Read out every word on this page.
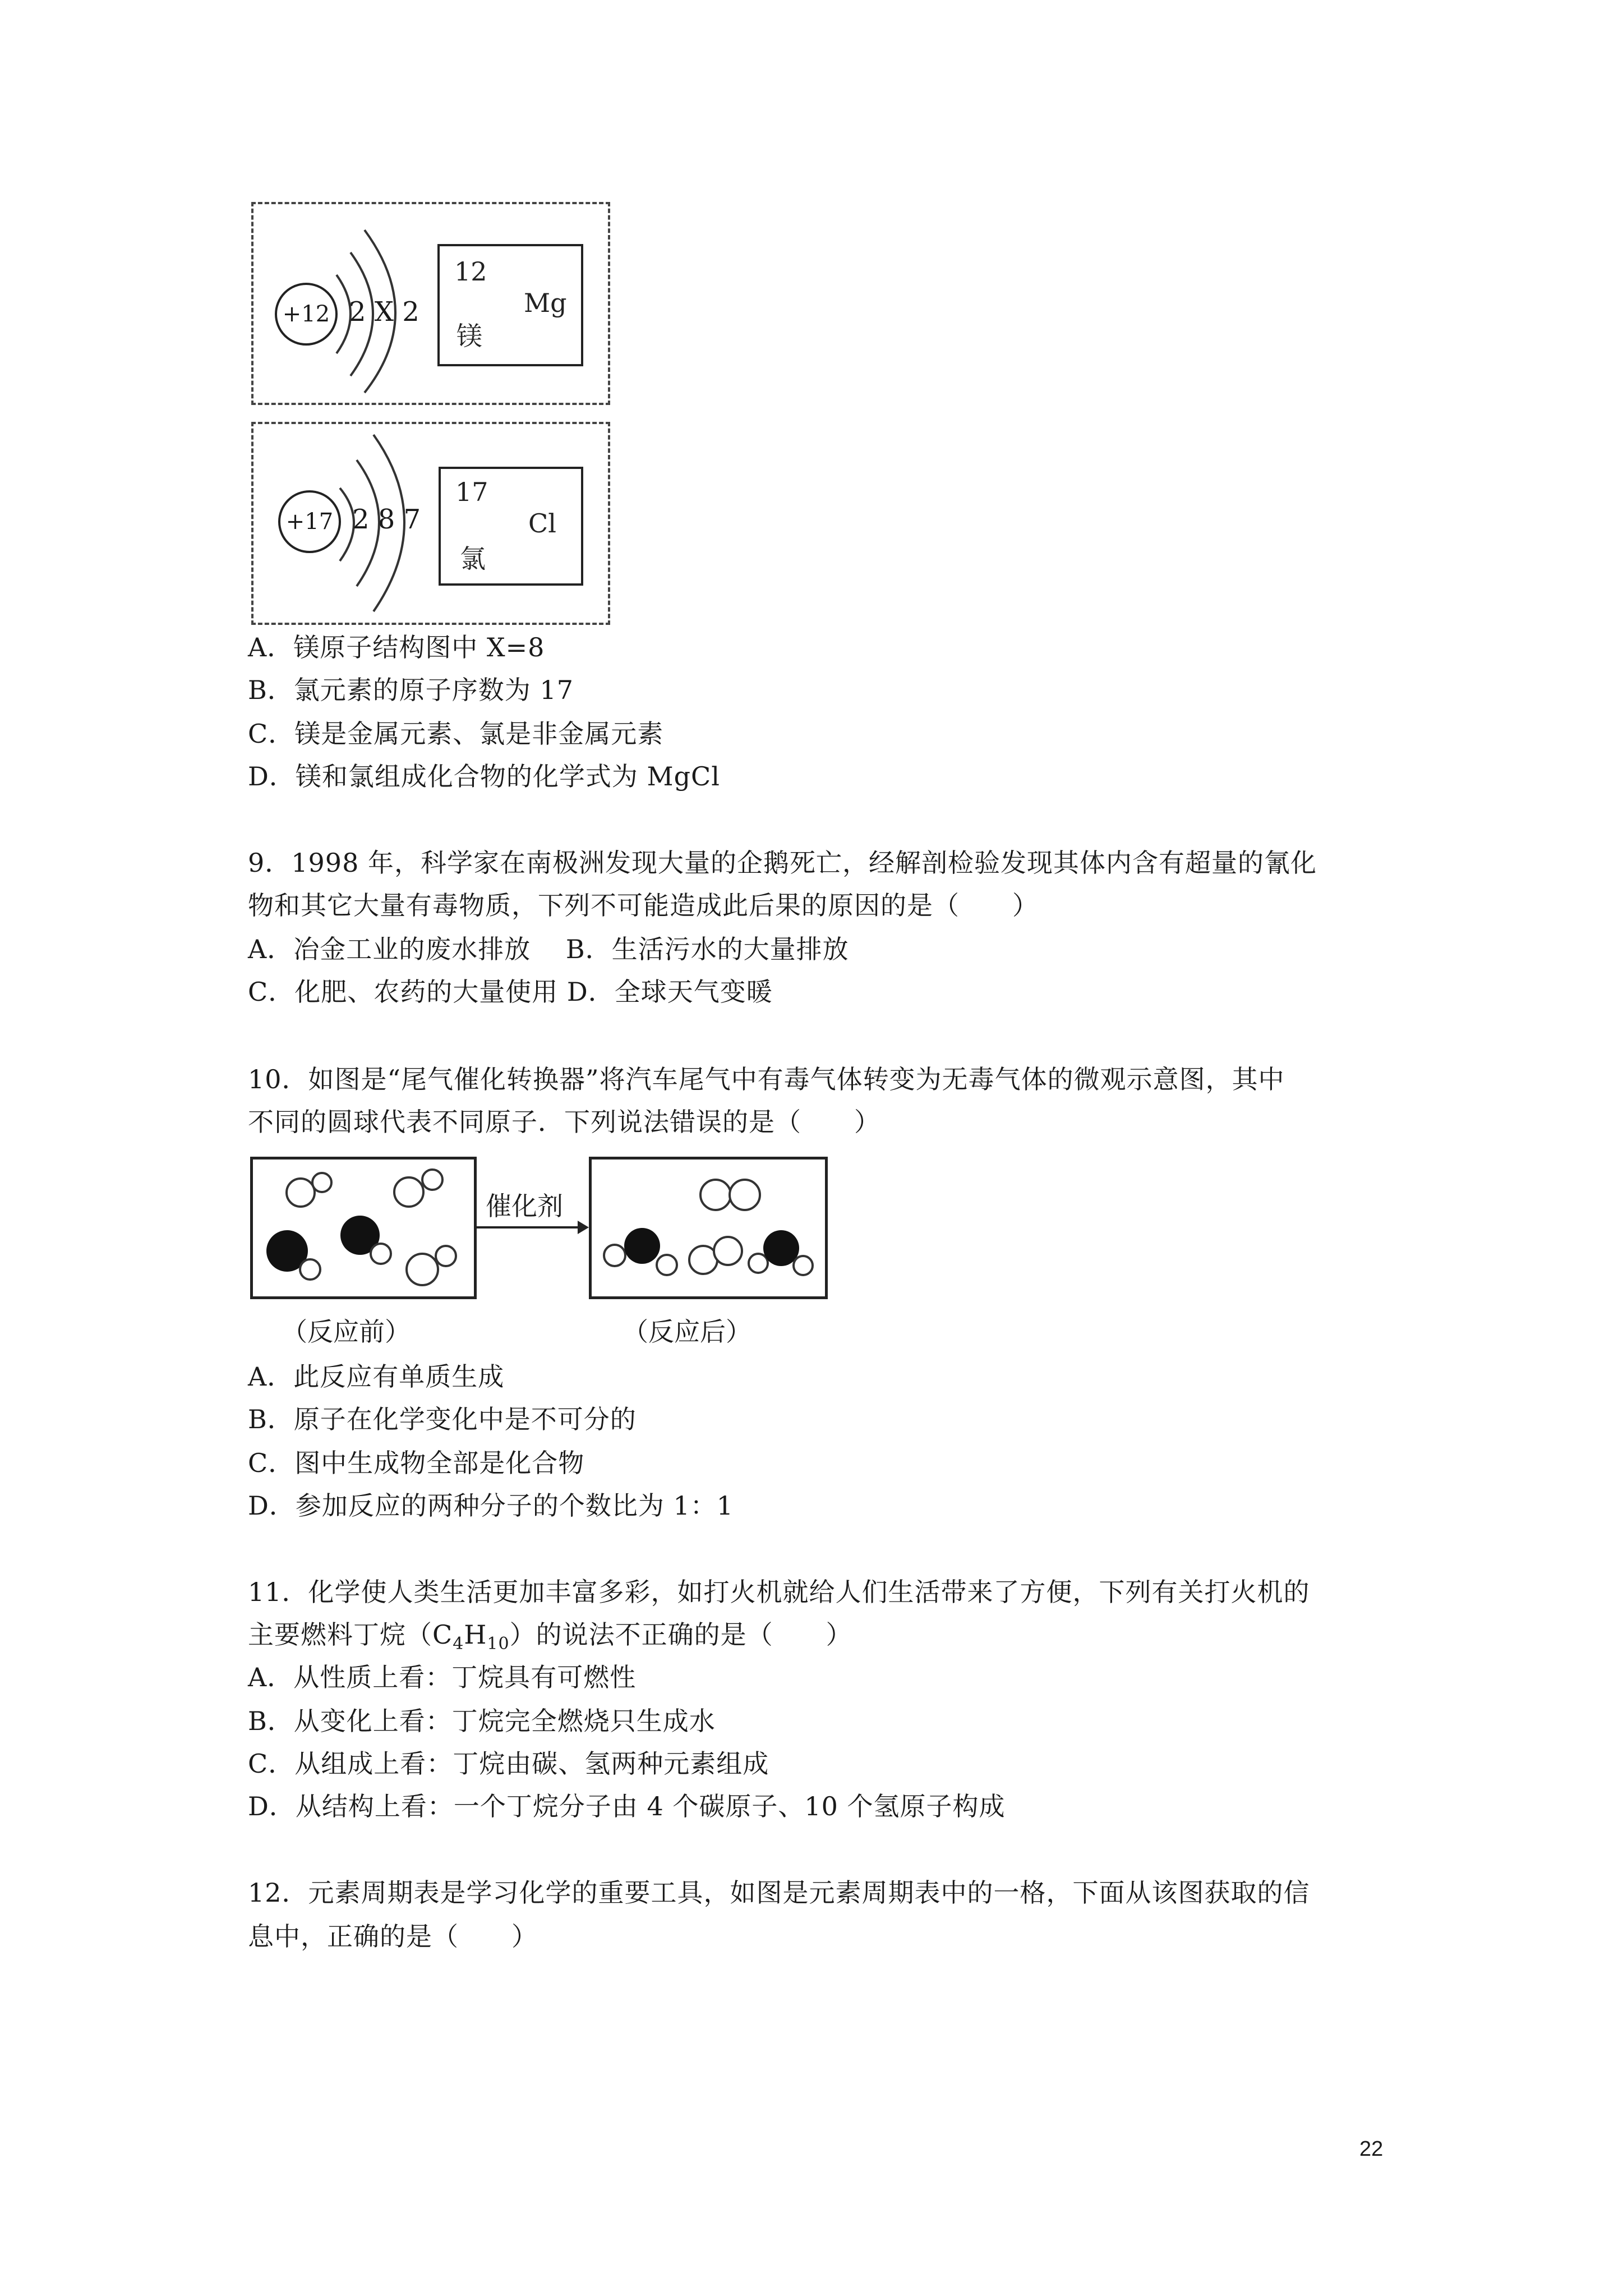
+12 2 X 2
12
Mg
镁
+17 2 8 7
17
Cl
氯
A．镁原子结构图中 X=8
B．氯元素的原子序数为 17
C．镁是金属元素、氯是非金属元素
D．镁和氯组成化合物的化学式为 MgCl
9．1998 年，科学家在南极洲发现大量的企鹅死亡，经解剖检验发现其体内含有超量的氰化
物和其它大量有毒物质，下列不可能造成此后果的原因的是（　　）
A．冶金工业的废水排放　 B．生活污水的大量排放
C．化肥、农药的大量使用 D．全球天气变暖
10．如图是“尾气催化转换器”将汽车尾气中有毒气体转变为无毒气体的微观示意图，其中
不同的圆球代表不同原子．下列说法错误的是（　　）
催化剂
（反应前）	（反应后）
A．此反应有单质生成
B．原子在化学变化中是不可分的
C．图中生成物全部是化合物
D．参加反应的两种分子的个数比为 1：1
11．化学使人类生活更加丰富多彩，如打火机就给人们生活带来了方便，下列有关打火机的
主要燃料丁烷$(C_4H_{10})$的说法不正确的是（　　）
A．从性质上看：丁烷具有可燃性
B．从变化上看：丁烷完全燃烧只生成水
C．从组成上看：丁烷由碳、氢两种元素组成
D．从结构上看：一个丁烷分子由 4 个碳原子、10 个氢原子构成
12．元素周期表是学习化学的重要工具，如图是元素周期表中的一格，下面从该图获取的信
息中，正确的是（　　）
22
